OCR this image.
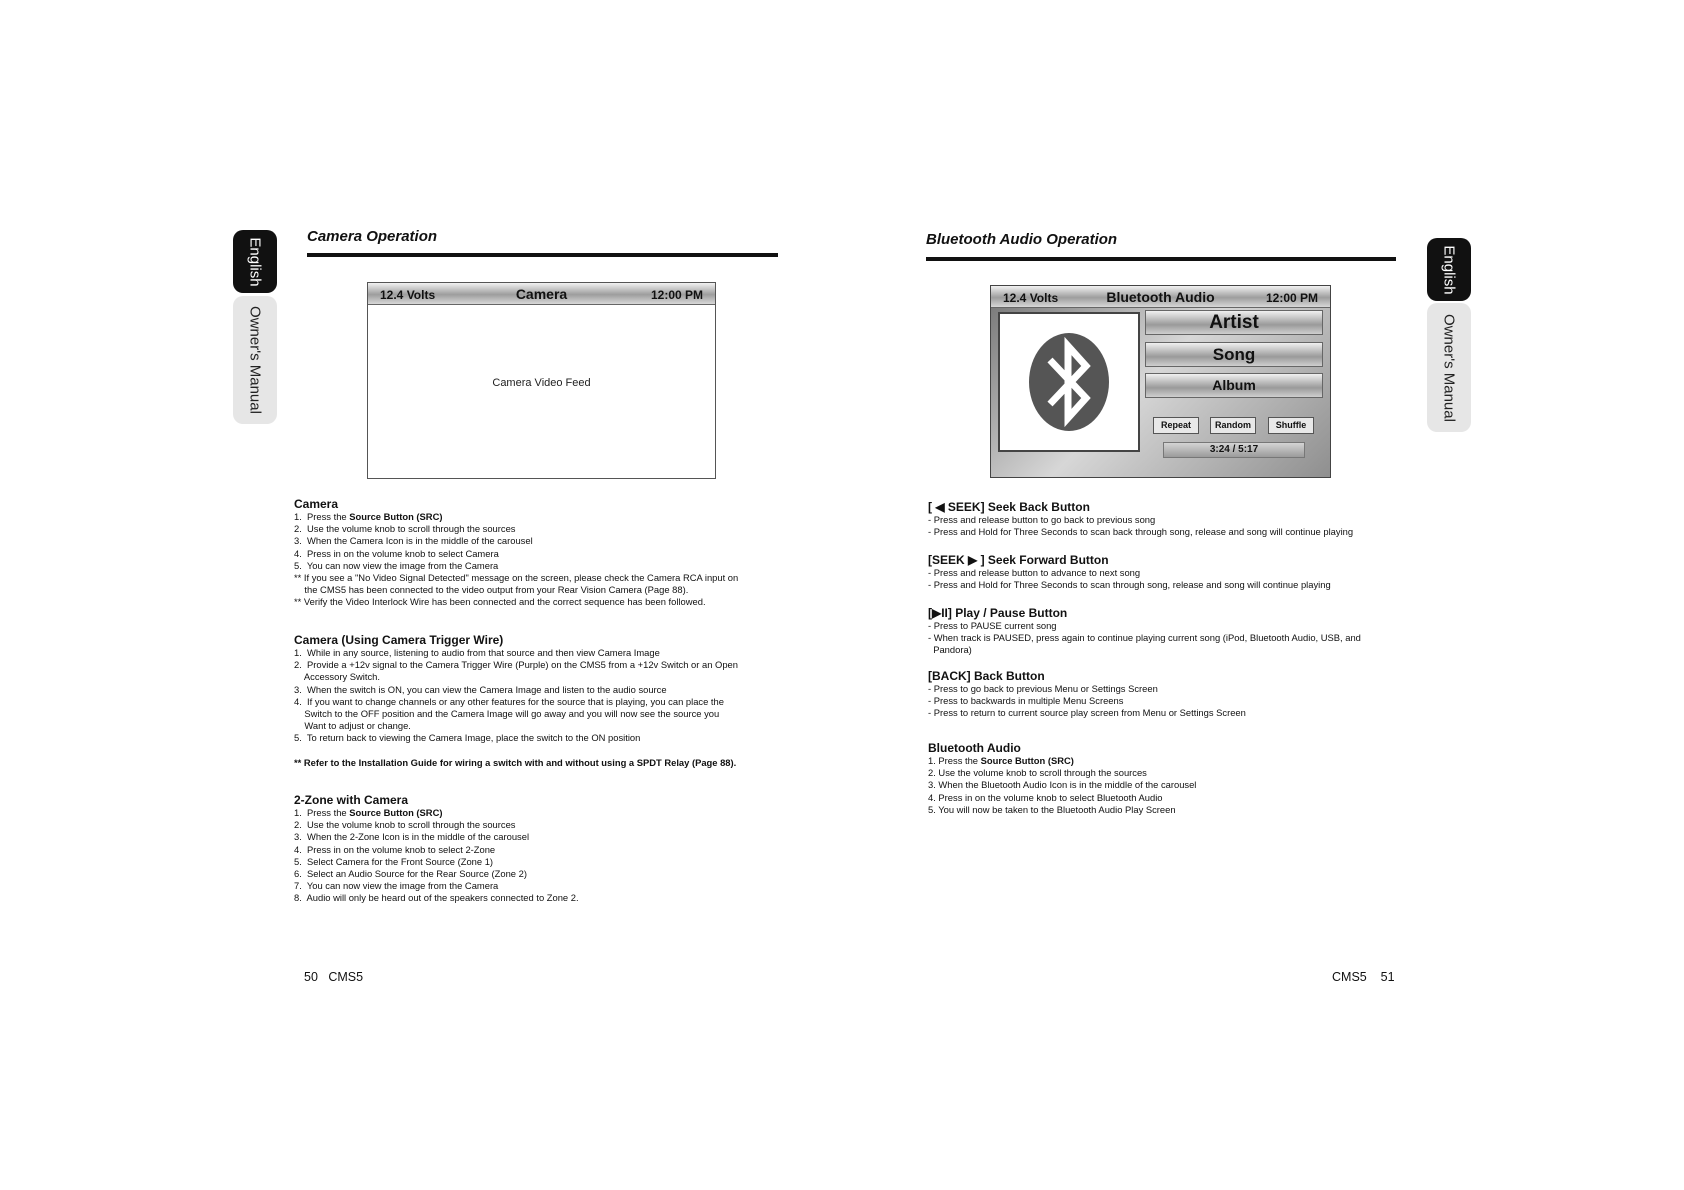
English
Owner's Manual
Camera Operation
12.4 Volts	Camera	12:00 PM
Camera Video Feed
Camera
1.  Press the Source Button (SRC)
2.  Use the volume knob to scroll through the sources
3.  When the Camera Icon is in the middle of the carousel
4.  Press in on the volume knob to select Camera
5.  You can now view the image from the Camera
** If you see a "No Video Signal Detected" message on the screen, please check the Camera RCA input on
the CMS5 has been connected to the video output from your Rear Vision Camera (Page 88).
** Verify the Video Interlock Wire has been connected and the correct sequence has been followed.
Camera (Using Camera Trigger Wire)
1.  While in any source, listening to audio from that source and then view Camera Image
2.  Provide a +12v signal to the Camera Trigger Wire (Purple) on the CMS5 from a +12v Switch or an Open
Accessory Switch.
3.  When the switch is ON, you can view the Camera Image and listen to the audio source
4.  If you want to change channels or any other features for the source that is playing, you can place the
Switch to the OFF position and the Camera Image will go away and you will now see the source you
Want to adjust or change.
5.  To return back to viewing the Camera Image, place the switch to the ON position
** Refer to the Installation Guide for wiring a switch with and without using a SPDT Relay (Page 88).
2-Zone with Camera
1.  Press the Source Button (SRC)
2.  Use the volume knob to scroll through the sources
3.  When the 2-Zone Icon is in the middle of the carousel
4.  Press in on the volume knob to select 2-Zone
5.  Select Camera for the Front Source (Zone 1)
6.  Select an Audio Source for the Rear Source (Zone 2)
7.  You can now view the image from the Camera
8.  Audio will only be heard out of the speakers connected to Zone 2.
50 CMS5
English
Owner's Manual
Bluetooth Audio Operation
12.4 Volts	Bluetooth Audio	12:00 PM
Artist
Song
Album
Repeat	Random	Shuffle
3:24 / 5:17
[ ◀ SEEK] Seek Back Button
- Press and release button to go back to previous song
- Press and Hold for Three Seconds to scan back through song, release and song will continue playing
[SEEK ▶ ] Seek Forward Button
- Press and release button to advance to next song
- Press and Hold for Three Seconds to scan through song, release and song will continue playing
[▶II] Play / Pause Button
- Press to PAUSE current song
- When track is PAUSED, press again to continue playing current song (iPod, Bluetooth Audio, USB, and
Pandora)
[BACK] Back Button
- Press to go back to previous Menu or Settings Screen
- Press to backwards in multiple Menu Screens
- Press to return to current source play screen from Menu or Settings Screen
Bluetooth Audio
1. Press the Source Button (SRC)
2. Use the volume knob to scroll through the sources
3. When the Bluetooth Audio Icon is in the middle of the carousel
4. Press in on the volume knob to select Bluetooth Audio
5. You will now be taken to the Bluetooth Audio Play Screen
CMS5 51
